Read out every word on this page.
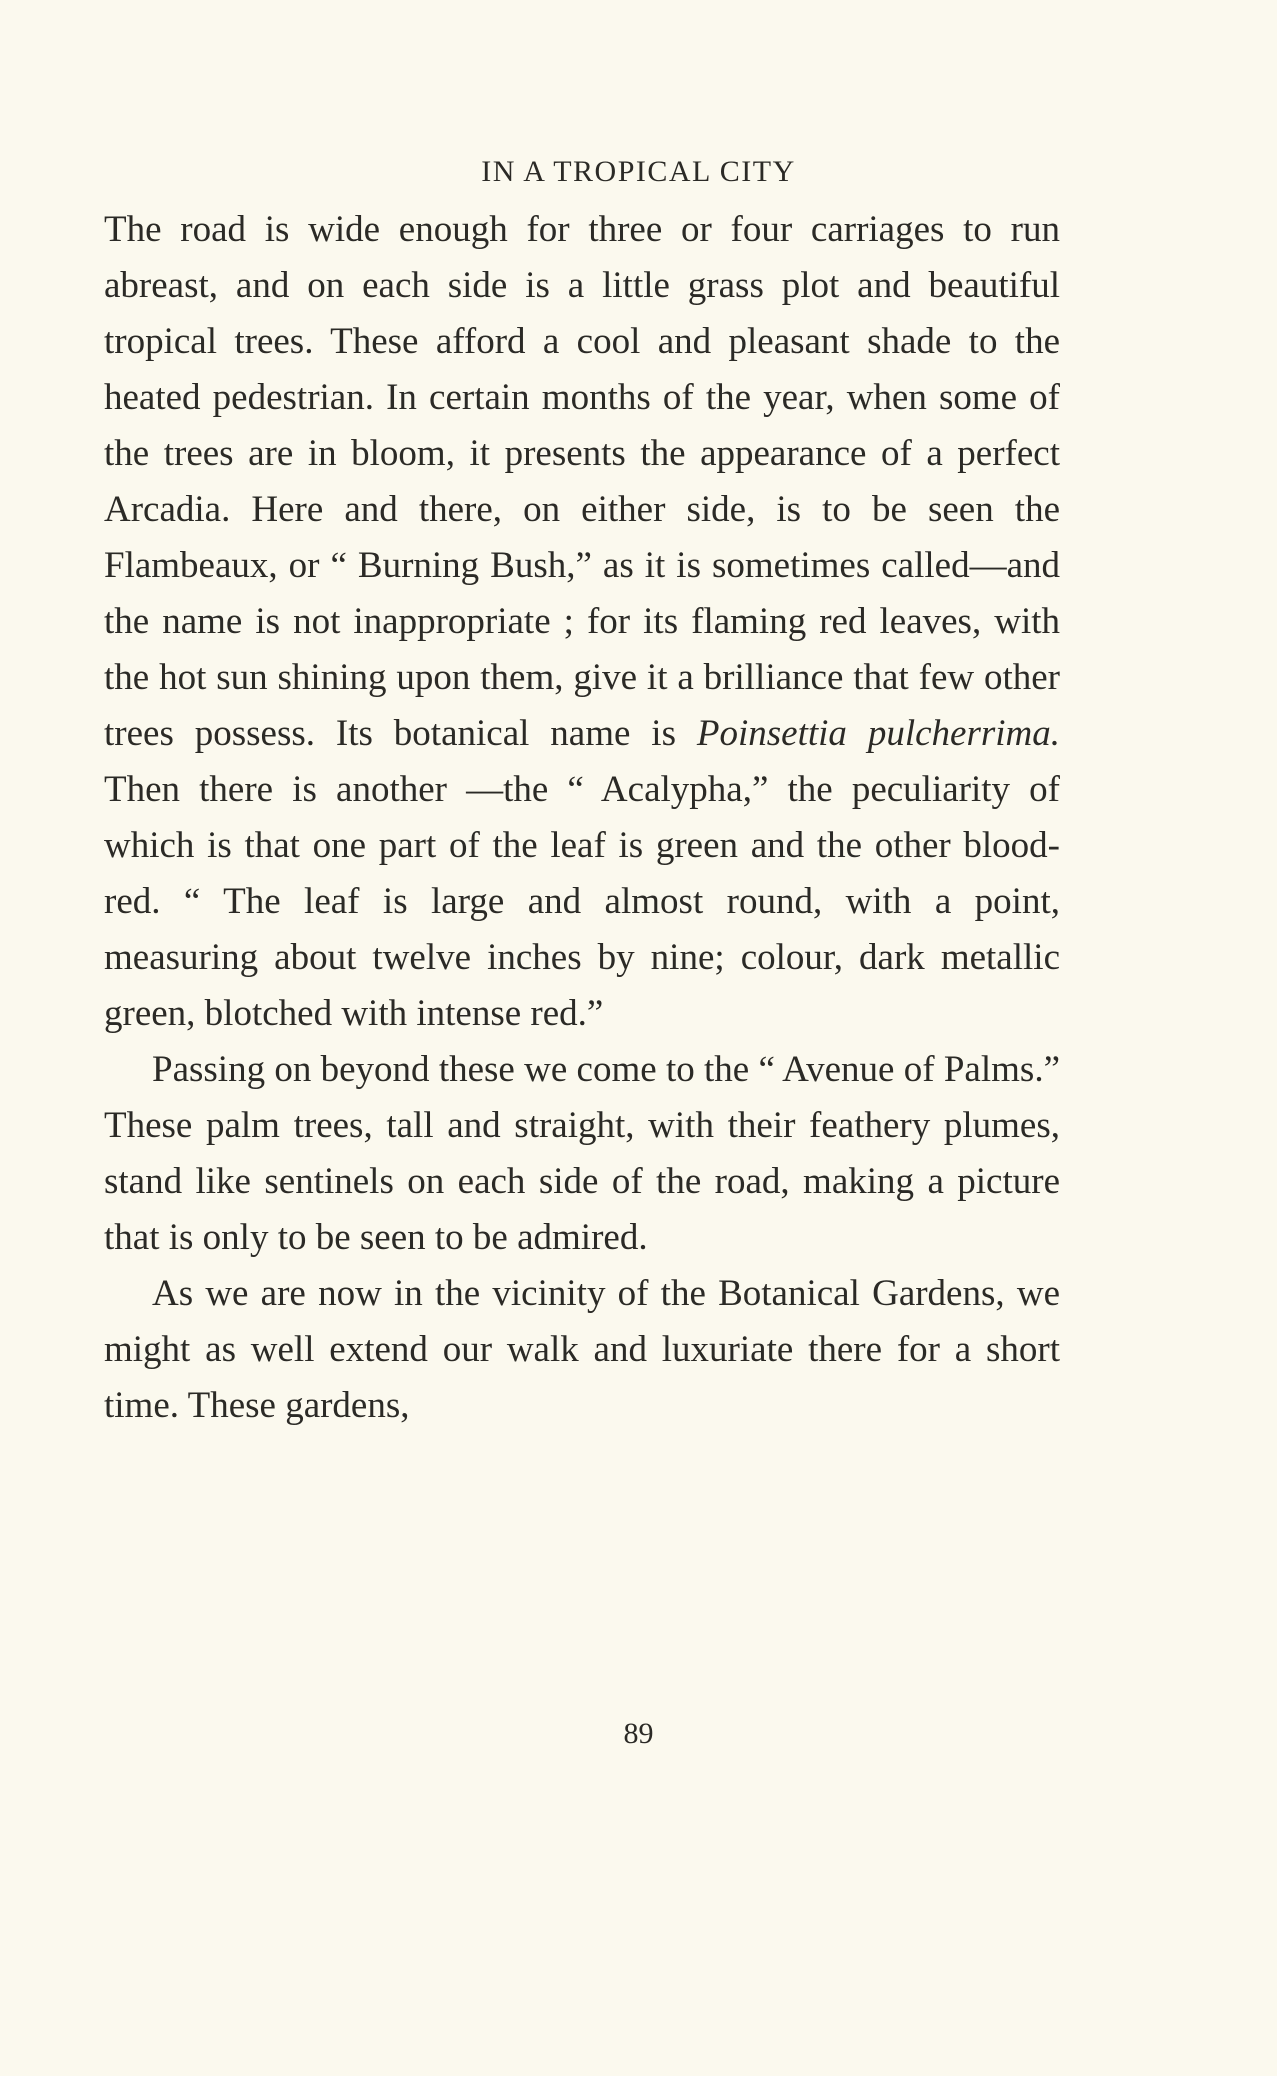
IN A TROPICAL CITY

The road is wide enough for three or four carriages to run abreast, and on each side is a little grass plot and beautiful tropical trees. These afford a cool and pleasant shade to the heated pedestrian. In certain months of the year, when some of the trees are in bloom, it presents the appearance of a perfect Arcadia. Here and there, on either side, is to be seen the Flambeaux, or “ Burning Bush,” as it is sometimes called—and the name is not inappropriate ; for its flaming red leaves, with the hot sun shining upon them, give it a brilliance that few other trees possess. Its botanical name is Poinsettia pulcherrima. Then there is another —the “ Acalypha,” the peculiarity of which is that one part of the leaf is green and the other blood-red. “ The leaf is large and almost round, with a point, measuring about twelve inches by nine; colour, dark metallic green, blotched with intense red.”

Passing on beyond these we come to the “ Avenue of Palms.” These palm trees, tall and straight, with their feathery plumes, stand like sentinels on each side of the road, making a picture that is only to be seen to be admired.

As we are now in the vicinity of the Botanical Gardens, we might as well extend our walk and luxuriate there for a short time. These gardens,

89
